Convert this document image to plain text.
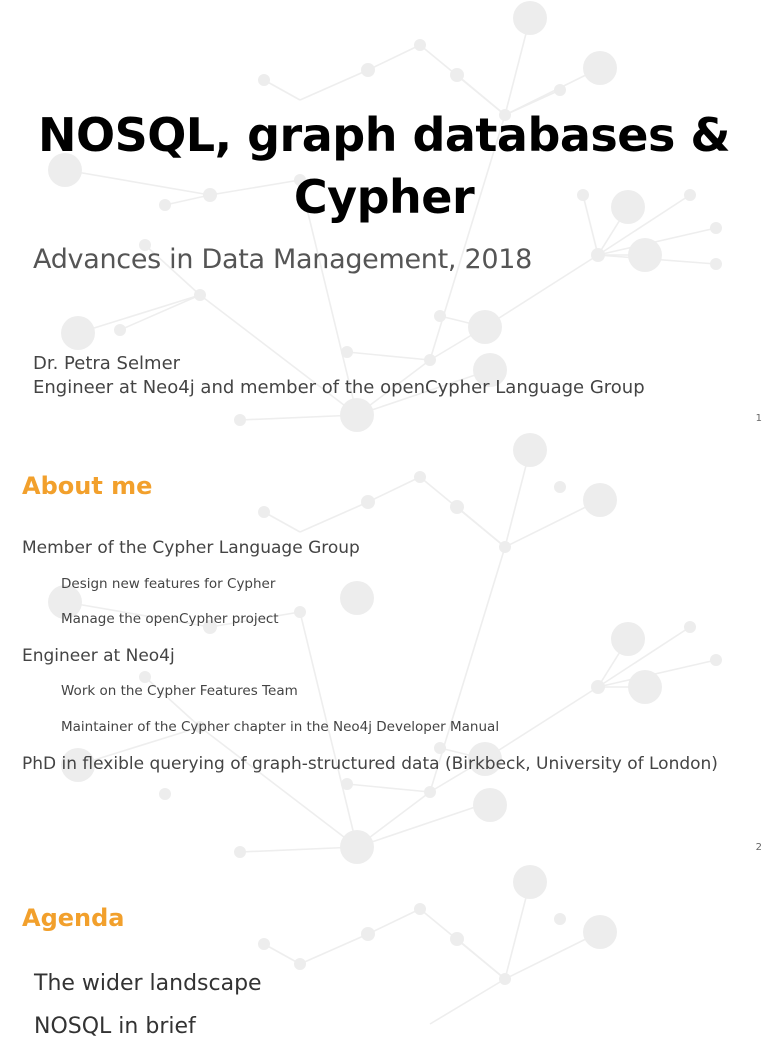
NOSQL, graph databases &
Cypher
Advances in Data Management, 2018
Dr. Petra Selmer
Engineer at Neo4j and member of the openCypher Language Group
1
About me
Member of the Cypher Language Group
Design new features for Cypher
Manage the openCypher project
Engineer at Neo4j
Work on the Cypher Features Team
Maintainer of the Cypher chapter in the Neo4j Developer Manual
PhD in flexible querying of graph-structured data (Birkbeck, University of London)
2
Agenda
The wider landscape
NOSQL in brief
